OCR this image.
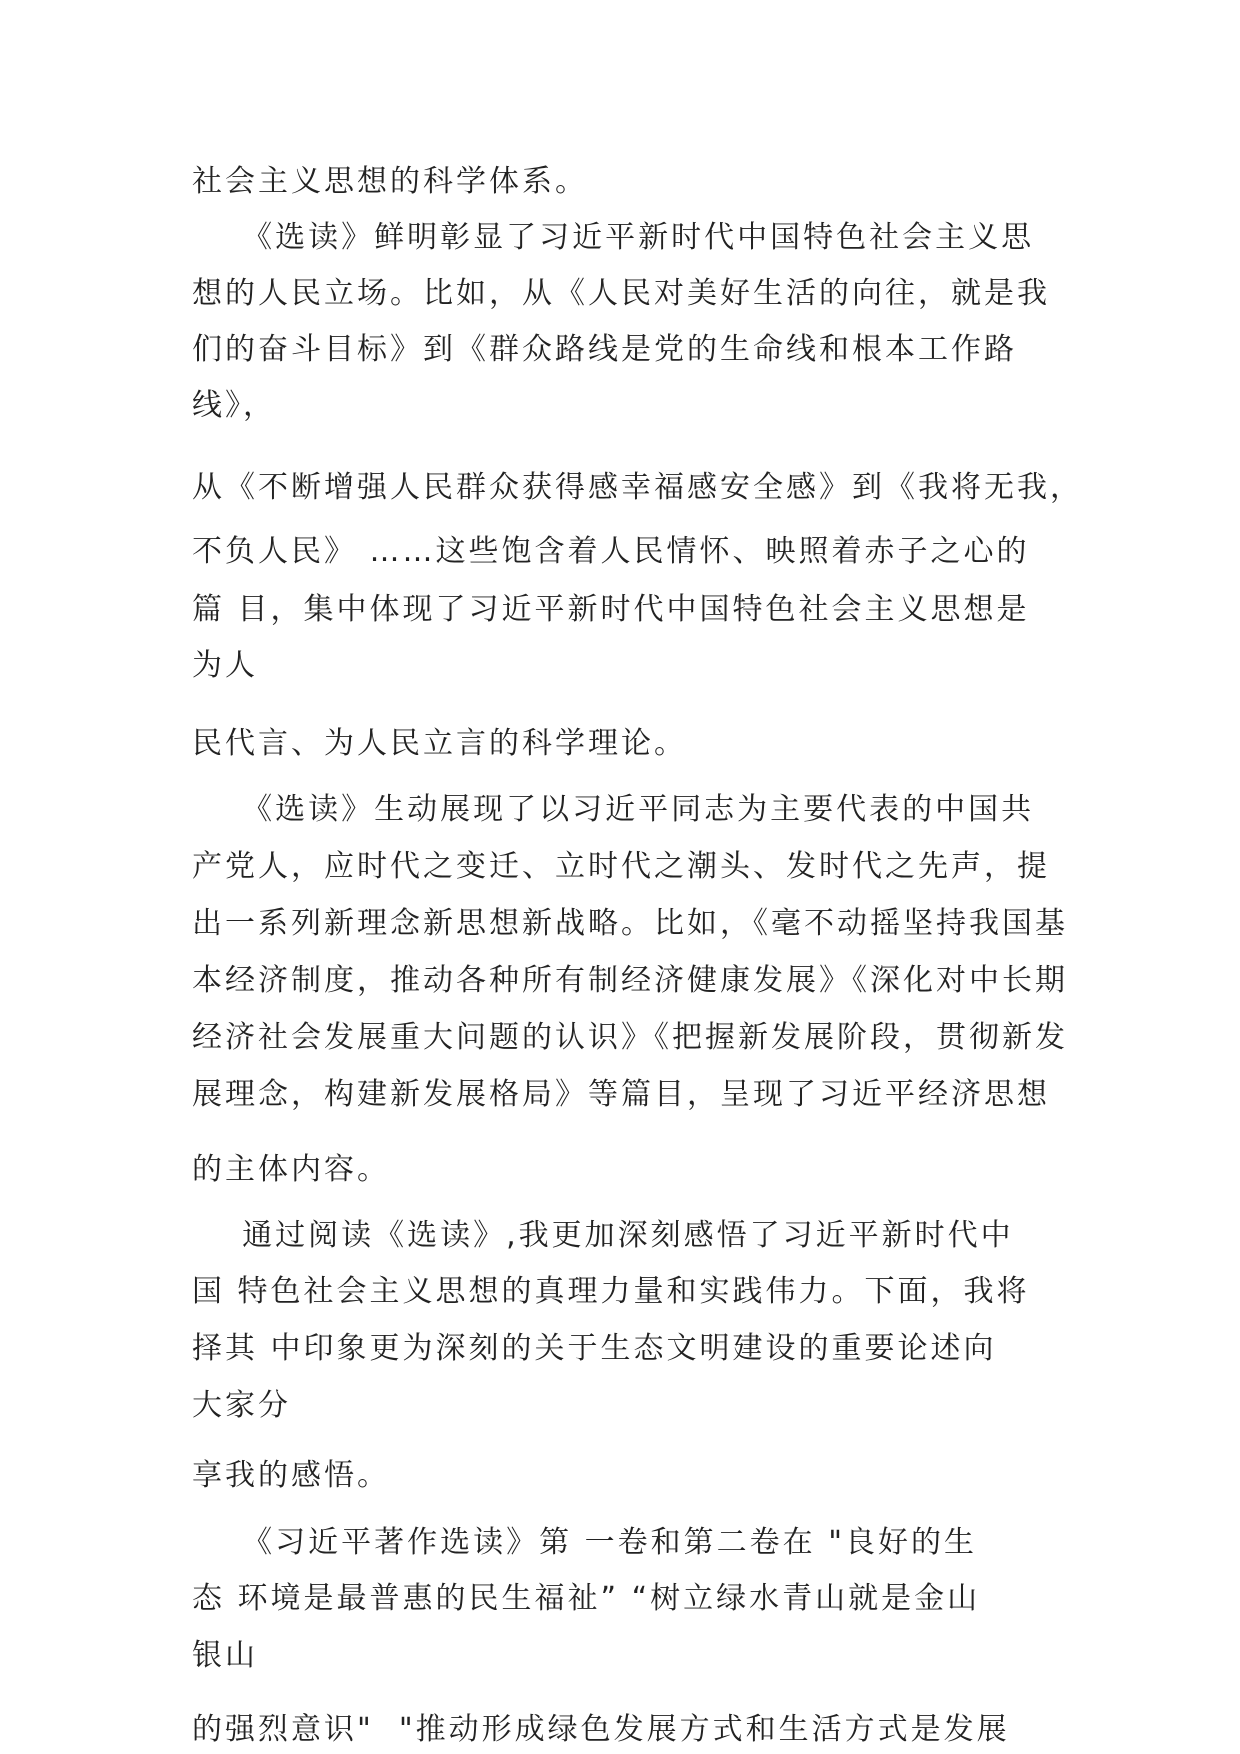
社会主义思想的科学体系。
《选读》鲜明彰显了习近平新时代中国特色社会主义思
想的人民立场。比如，从《人民对美好生活的向往，就是我
们的奋斗目标》到《群众路线是党的生命线和根本工作路
线》，
从《不断增强人民群众获得感幸福感安全感》到《我将无我，
不负人民》 ……这些饱含着人民情怀、映照着赤子之心的
篇 目，集中体现了习近平新时代中国特色社会主义思想是
为人
民代言、为人民立言的科学理论。
《选读》生动展现了以习近平同志为主要代表的中国共
产党人，应时代之变迁、立时代之潮头、发时代之先声，提
出一系列新理念新思想新战略。比如，《毫不动摇坚持我国基
本经济制度，推动各种所有制经济健康发展》《深化对中长期
经济社会发展重大问题的认识》《把握新发展阶段，贯彻新发
展理念，构建新发展格局》等篇目，呈现了习近平经济思想
的主体内容。
通过阅读《选读》,我更加深刻感悟了习近平新时代中
国 特色社会主义思想的真理力量和实践伟力。下面，我将
择其 中印象更为深刻的关于生态文明建设的重要论述向
大家分
享我的感悟。
《习近平著作选读》第 一卷和第二卷在 "良好的生
态 环境是最普惠的民生福祉” “树立绿水青山就是金山
银山
的强烈意识"  "推动形成绿色发展方式和生活方式是发展
